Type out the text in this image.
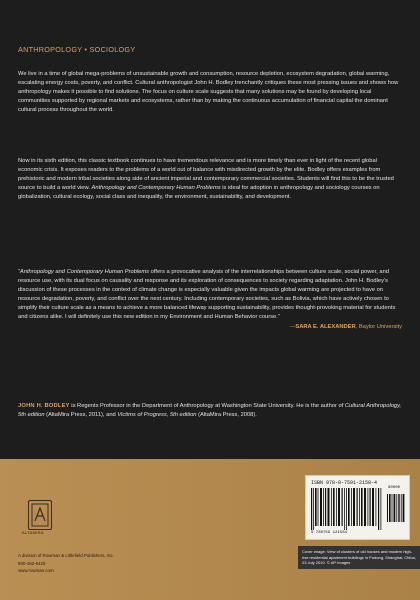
ANTHROPOLOGY • SOCIOLOGY

We live in a time of global mega-problems of unsustainable growth and consumption, resource depletion, ecosystem degradation, global warming, escalating energy costs, poverty, and conflict. Cultural anthropologist John H. Bodley trenchantly critiques these most pressing issues and shows how anthropology makes it possible to find solutions. The focus on culture scale suggests that many solutions may be found by developing local communities supported by regional markets and ecosystems, rather than by making the continuous accumulation of financial capital the dominant cultural process throughout the world.

Now in its sixth edition, this classic textbook continues to have tremendous relevance and is more timely than ever in light of the recent global economic crisis. It exposes readers to the problems of a world out of balance with misdirected growth by the elite. Bodley offers examples from prehistoric and modern tribal societies along side of ancient imperial and contemporary commercial societies. Students will find this to be the trusted source to build a world view. Anthropology and Contemporary Human Problems is ideal for adoption in anthropology and sociology courses on globalization, cultural ecology, social class and inequality, the environment, sustainability, and development.

“Anthropology and Contemporary Human Problems offers a provocative analysis of the interrelationships between culture scale, social power, and resource use, with its dual focus on causality and response and its exploration of consequences to society regarding adaptation. John H. Bodley’s discussion of these processes in the context of climate change is especially valuable given the impacts global warming are projected to have on resource degradation, poverty, and conflict over the next century. Including contemporary societies, such as Bolivia, which have actively chosen to simplify their culture scale as a means to achieve a more balanced lifeway supporting sustainability, provides thought-provoking material for students and citizens alike. I will definitely use this new edition in my Environment and Human Behavior course.”
—SARA E. ALEXANDER, Baylor University

JOHN H. BODLEY is Regents Professor in the Department of Anthropology at Washington State University. He is the author of Cultural Anthropology, 5th edition (AltaMira Press, 2011), and Victims of Progress, 5th edition (AltaMira Press, 2008).

ALTAMIRA
A division of Rowman & Littlefield Publishers, Inc.
800-462-6420
www.rowman.com
ISBN 978-0-7591-2158-4
9 780759 121584
90000
Cover image: View of clusters of old houses and modern high-rise residential apartment buildings in Pudong, Shanghai, China, 23 July 2010. © AP Images
